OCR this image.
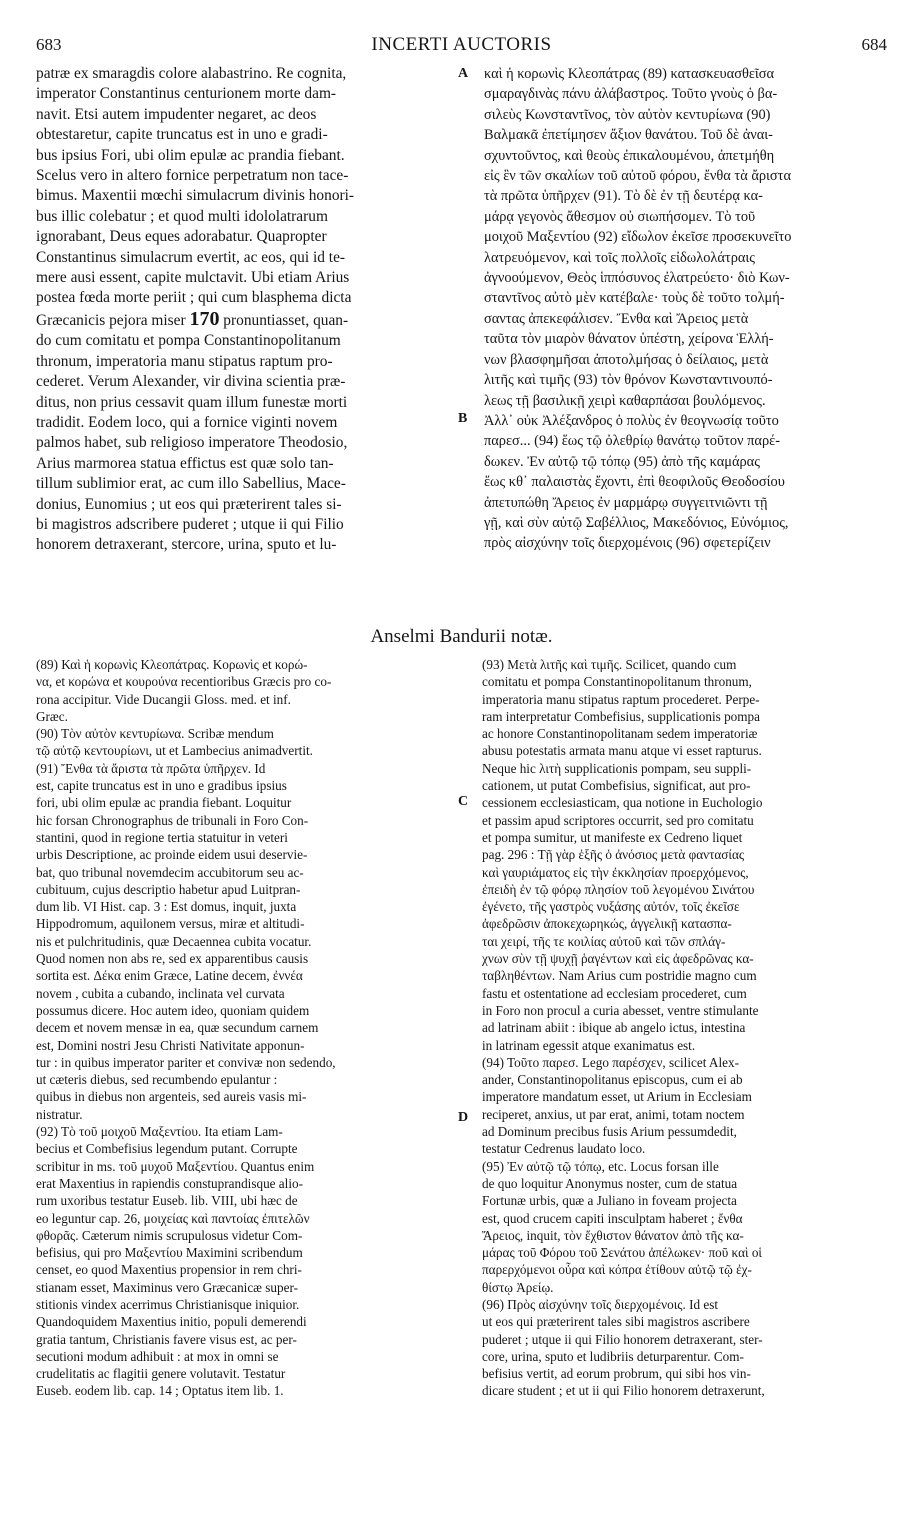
683	INCERTI AUCTORIS	684
A
B
C
D
patræ ex smaragdis colore alabastrino. Re cognita,
imperator Constantinus centurionem morte dam-
navit. Etsi autem impudenter negaret, ac deos
obtestaretur, capite truncatus est in uno e gradi-
bus ipsius Fori, ubi olim epulæ ac prandia fiebant.
Scelus vero in altero fornice perpetratum non tace-
bimus. Maxentii mœchi simulacrum divinis honori-
bus illic colebatur ; et quod multi idololatrarum
ignorabant, Deus eques adorabatur. Quapropter
Constantinus simulacrum evertit, ac eos, qui id te-
mere ausi essent, capite mulctavit. Ubi etiam Arius
postea fœda morte periit ; qui cum blasphema dicta
Græcanicis pejora miser 170 pronuntiasset, quan-
do cum comitatu et pompa Constantinopolitanum
thronum, imperatoria manu stipatus raptum pro-
cederet. Verum Alexander, vir divina scientia præ-
ditus, non prius cessavit quam illum funestæ morti
tradidit. Eodem loco, qui a fornice viginti novem
palmos habet, sub religioso imperatore Theodosio,
Arius marmorea statua effictus est quæ solo tan-
tillum sublimior erat, ac cum illo Sabellius, Mace-
donius, Eunomius ; ut eos qui præterirent tales si-
bi magistros adscribere puderet ; utque ii qui Filio
honorem detraxerant, stercore, urina, sputo et lu-
καὶ ἡ κορωνὶς Κλεοπάτρας (89) κατασκευασθεῖσα
σμαραγδινὰς πάνυ ἀλάβαστρος. Τοῦτο γνοὺς ὁ βα-
σιλεὺς Κωνσταντῖνος, τὸν αὐτὸν κεντυρίωνα (90)
Βαλμακᾶ ἐπετίμησεν ἄξιον θανάτου. Τοῦ δὲ ἀναι-
σχυντοῦντος, καὶ θεοὺς ἐπικαλουμένου, ἀπετμήθη
εἰς ἓν τῶν σκαλίων τοῦ αὐτοῦ φόρου, ἔνθα τὰ ἄριστα
τὰ πρῶτα ὑπῆρχεν (91). Τὸ δὲ ἐν τῇ δευτέρᾳ κα-
μάρᾳ γεγονὸς ἄθεσμον οὐ σιωπήσομεν. Τὸ τοῦ
μοιχοῦ Μαξεντίου (92) εἴδωλον ἐκεῖσε προσεκυνεῖτο
λατρευόμενον, καὶ τοῖς πολλοῖς εἰδωλολάτραις
ἀγνοούμενον, Θεὸς ἱππόσυνος ἐλατρεύετο· διὸ Κων-
σταντῖνος αὐτὸ μὲν κατέβαλε· τοὺς δὲ τοῦτο τολμή-
σαντας ἀπεκεφάλισεν. Ἔνθα καὶ Ἄρειος μετὰ
ταῦτα τὸν μιαρὸν θάνατον ὑπέστη, χείρονα Ἑλλή-
νων βλασφημῆσαι ἀποτολμήσας ὁ δείλαιος, μετὰ
λιτῆς καὶ τιμῆς (93) τὸν θρόνον Κωνσταντινουπό-
λεως τῇ βασιλικῇ χειρὶ καθαρπάσαι βουλόμενος.
Ἀλλ᾽ οὐκ Ἀλέξανδρος ὁ πολὺς ἐν θεογνωσίᾳ τοῦτο
παρεσ... (94) ἕως τῷ ὀλεθρίῳ θανάτῳ τοῦτον παρέ-
δωκεν. Ἐν αὐτῷ τῷ τόπῳ (95) ἀπὸ τῆς καμάρας
ἕως κθ᾽ παλαιστὰς ἔχοντι, ἐπὶ θεοφιλοῦς Θεοδοσίου
ἀπετυπώθη Ἄρειος ἐν μαρμάρῳ συγγειτνιῶντι τῇ
γῇ, καὶ σὺν αὐτῷ Σαβέλλιος, Μακεδόνιος, Εὐνόμιος,
πρὸς αἰσχύνην τοῖς διερχομένοις (96) σφετερίζειν
Anselmi Bandurii notæ.
(89) Καὶ ἡ κορωνὶς Κλεοπάτρας. Κορωνὶς et κορώ-
να, et κορώνα et κουρούνα recentioribus Græcis pro co-
rona accipitur. Vide Ducangii Gloss. med. et inf.
Græc.
(90) Τὸν αὐτὸν κεντυρίωνα. Scribæ mendum
τῷ αὐτῷ κεντουρίωνι, ut et Lambecius animadvertit.
(91) Ἔνθα τὰ ἄριστα τὰ πρῶτα ὑπῆρχεν. Id
est, capite truncatus est in uno e gradibus ipsius
fori, ubi olim epulæ ac prandia fiebant. Loquitur
hic forsan Chronographus de tribunali in Foro Con-
stantini, quod in regione tertia statuitur in veteri
urbis Descriptione, ac proinde eidem usui deservie-
bat, quo tribunal novemdecim accubitorum seu ac-
cubituum, cujus descriptio habetur apud Luitpran-
dum lib. VI Hist. cap. 3 : Est domus, inquit, juxta
Hippodromum, aquilonem versus, miræ et altitudi-
nis et pulchritudinis, quæ Decaennea cubita vocatur.
Quod nomen non abs re, sed ex apparentibus causis
sortita est. Δέκα enim Græce, Latine decem, ἐννέα
novem , cubita a cubando, inclinata vel curvata
possumus dicere. Hoc autem ideo, quoniam quidem
decem et novem mensæ in ea, quæ secundum carnem
est, Domini nostri Jesu Christi Nativitate apponun-
tur : in quibus imperator pariter et convivæ non sedendo,
ut cæteris diebus, sed recumbendo epulantur :
quibus in diebus non argenteis, sed aureis vasis mi-
nistratur.
(92) Τὸ τοῦ μοιχοῦ Μαξεντίου. Ita etiam Lam-
becius et Combefisius legendum putant. Corrupte
scribitur in ms. τοῦ μυχοῦ Μαξεντίου. Quantus enim
erat Maxentius in rapiendis constuprandisque alio-
rum uxoribus testatur Euseb. lib. VIII, ubi hæc de
eo leguntur cap. 26, μοιχείας καὶ παντοίας ἐπιτελῶν
φθορᾶς. Cæterum nimis scrupulosus videtur Com-
befisius, qui pro Μαξεντίου Maximini scribendum
censet, eo quod Maxentius propensior in rem chri-
stianam esset, Maximinus vero Græcanicæ super-
stitionis vindex acerrimus Christianisque iniquior.
Quandoquidem Maxentius initio, populi demerendi
gratia tantum, Christianis favere visus est, ac per-
secutioni modum adhibuit : at mox in omni se
crudelitatis ac flagitii genere volutavit. Testatur
Euseb. eodem lib. cap. 14 ; Optatus item lib. 1.
(93) Μετὰ λιτῆς καὶ τιμῆς. Scilicet, quando cum
comitatu et pompa Constantinopolitanum thronum,
imperatoria manu stipatus raptum procederet. Perpe-
ram interpretatur Combefisius, supplicationis pompa
ac honore Constantinopolitanam sedem imperatoriæ
abusu potestatis armata manu atque vi esset rapturus.
Neque hic λιτὴ supplicationis pompam, seu suppli-
cationem, ut putat Combefisius, significat, aut pro-
cessionem ecclesiasticam, qua notione in Euchologio
et passim apud scriptores occurrit, sed pro comitatu
et pompa sumitur, ut manifeste ex Cedreno liquet
pag. 296 : Τῇ γὰρ ἑξῆς ὁ ἀνόσιος μετὰ φαντασίας
καὶ γαυριάματος εἰς τὴν ἐκκλησίαν προερχόμενος,
ἐπειδὴ ἐν τῷ φόρῳ πλησίον τοῦ λεγομένου Σινάτου
ἐγένετο, τῆς γαστρὸς νυξάσης αὐτόν, τοῖς ἐκεῖσε
ἀφεδρῶσιν ἀποκεχωρηκώς, ἀγγελικῇ κατασπα-
ται χειρί, τῆς τε κοιλίας αὐτοῦ καὶ τῶν σπλάγ-
χνων σὺν τῇ ψυχῇ ῥαγέντων καὶ εἰς ἀφεδρῶνας κα-
ταβληθέντων. Nam Arius cum postridie magno cum
fastu et ostentatione ad ecclesiam procederet, cum
in Foro non procul a curia abesset, ventre stimulante
ad latrinam abiit : ibique ab angelo ictus, intestina
in latrinam egessit atque exanimatus est.
(94) Τοῦτο παρεσ. Lego παρέσχεν, scilicet Alex-
ander, Constantinopolitanus episcopus, cum ei ab
imperatore mandatum esset, ut Arium in Ecclesiam
reciperet, anxius, ut par erat, animi, totam noctem
ad Dominum precibus fusis Arium pessumdedit,
testatur Cedrenus laudato loco.
(95) Ἐν αὐτῷ τῷ τόπῳ, etc. Locus forsan ille
de quo loquitur Anonymus noster, cum de statua
Fortunæ urbis, quæ a Juliano in foveam projecta
est, quod crucem capiti insculptam haberet ; ἔνθα
Ἄρειος, inquit, τὸν ἔχθιστον θάνατον ἀπὸ τῆς κα-
μάρας τοῦ Φόρου τοῦ Σενάτου ἀπέλωκεν· ποῦ καὶ οἱ
παρερχόμενοι οὖρα καὶ κόπρα ἐτίθουν αὐτῷ τῷ ἐχ-
θίστῳ Ἀρείῳ.
(96) Πρὸς αἰσχύνην τοῖς διερχομένοις. Id est
ut eos qui præterirent tales sibi magistros ascribere
puderet ; utque ii qui Filio honorem detraxerant, ster-
core, urina, sputo et ludibriis deturparentur. Com-
befisius vertit, ad eorum probrum, qui sibi hos vin-
dicare student ; et ut ii qui Filio honorem detraxerunt,
